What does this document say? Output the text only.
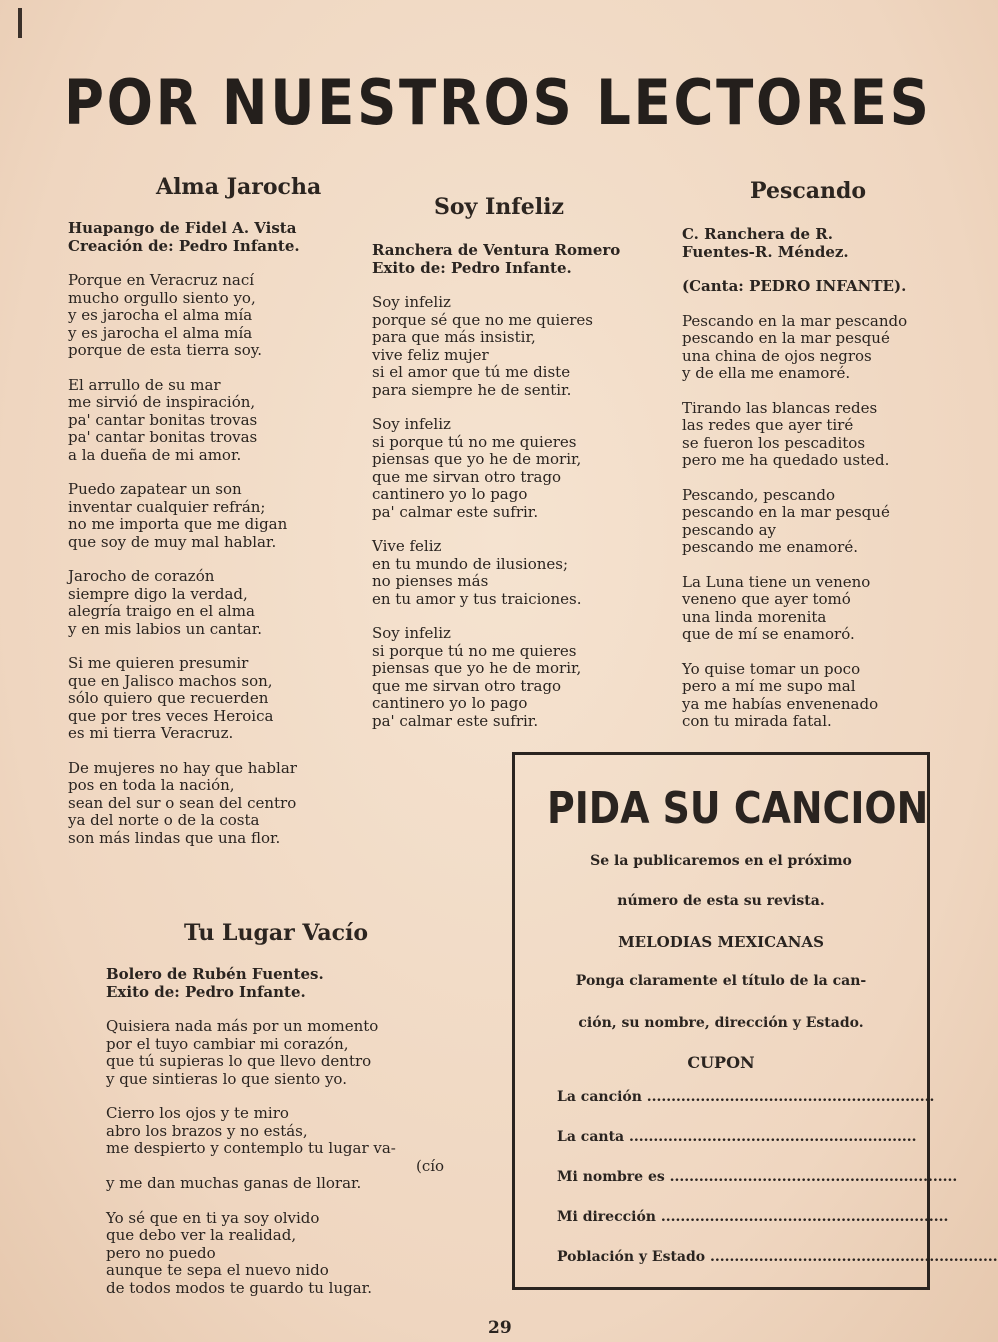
POR NUESTROS LECTORES
Alma Jarocha
Huapango de Fidel A. Vista
Creación de: Pedro Infante.
Porque en Veracruz nací
mucho orgullo siento yo,
y es jarocha el alma mía
y es jarocha el alma mía
porque de esta tierra soy.
El arrullo de su mar
me sirvió de inspiración,
pa' cantar bonitas trovas
pa' cantar bonitas trovas
a la dueña de mi amor.
Puedo zapatear un son
inventar cualquier refrán;
no me importa que me digan
que soy de muy mal hablar.
Jarocho de corazón
siempre digo la verdad,
alegría traigo en el alma
y en mis labios un cantar.
Si me quieren presumir
que en Jalisco machos son,
sólo quiero que recuerden
que por tres veces Heroica
es mi tierra Veracruz.
De mujeres no hay que hablar
pos en toda la nación,
sean del sur o sean del centro
ya del norte o de la costa
son más lindas que una flor.
Soy Infeliz
Ranchera de Ventura Romero
Exito de: Pedro Infante.
Soy infeliz
porque sé que no me quieres
para que más insistir,
vive feliz mujer
si el amor que tú me diste
para siempre he de sentir.
Soy infeliz
si porque tú no me quieres
piensas que yo he de morir,
que me sirvan otro trago
cantinero yo lo pago
pa' calmar este sufrir.
Vive feliz
en tu mundo de ilusiones;
no pienses más
en tu amor y tus traiciones.
Soy infeliz
si porque tú no me quieres
piensas que yo he de morir,
que me sirvan otro trago
cantinero yo lo pago
pa' calmar este sufrir.
Pescando
C. Ranchera de R.
Fuentes-R. Méndez.
(Canta: PEDRO INFANTE).
Pescando en la mar pescando
pescando en la mar pesqué
una china de ojos negros
y de ella me enamoré.
Tirando las blancas redes
las redes que ayer tiré
se fueron los pescaditos
pero me ha quedado usted.
Pescando, pescando
pescando en la mar pesqué
pescando ay
pescando me enamoré.
La Luna tiene un veneno
veneno que ayer tomó
una linda morenita
que de mí se enamoró.
Yo quise tomar un poco
pero a mí me supo mal
ya me habías envenenado
con tu mirada fatal.
Tu Lugar Vacío
Bolero de Rubén Fuentes.
Exito de: Pedro Infante.
Quisiera nada más por un momento
por el tuyo cambiar mi corazón,
que tú supieras lo que llevo dentro
y que sintieras lo que siento yo.
Cierro los ojos y te miro
abro los brazos y no estás,
me despierto y contemplo tu lugar va-
(cío
y me dan muchas ganas de llorar.
Yo sé que en ti ya soy olvido
que debo ver la realidad,
pero no puedo
aunque te sepa el nuevo nido
de todos modos te guardo tu lugar.
PIDA SU CANCION
Se la publicaremos en el próximo
número de esta su revista.
MELODIAS MEXICANAS
Ponga claramente el título de la can-
ción, su nombre, dirección y Estado.
CUPON
La canción ...........................................................
La canta ...........................................................
Mi nombre es ...........................................................
Mi dirección ...........................................................
Población y Estado ...........................................................
29
